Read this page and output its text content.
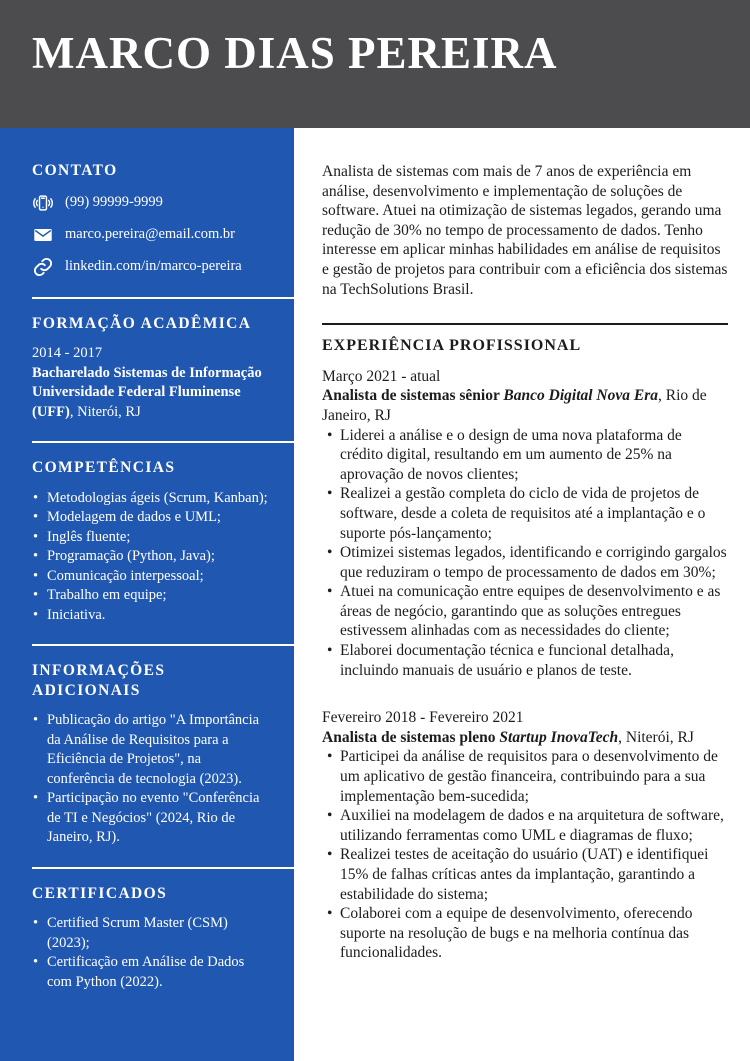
MARCO DIAS PEREIRA
CONTATO
(99) 99999-9999
marco.pereira@email.com.br
linkedin.com/in/marco-pereira
FORMAÇÃO ACADÊMICA

2014 - 2017

Bacharelado Sistemas de Informação

Universidade Federal Fluminense (UFF), Niterói, RJ

COMPETÊNCIAS
• Metodologias ágeis (Scrum, Kanban);
• Modelagem de dados e UML;
• Inglês fluente;
• Programação (Python, Java);
• Comunicação interpessoal;
• Trabalho em equipe;
• Iniciativa.
INFORMAÇÕES ADICIONAIS
• Publicação do artigo "A Importância da Análise de Requisitos para a Eficiência de Projetos", na conferência de tecnologia (2023).
• Participação no evento "Conferência de TI e Negócios" (2024, Rio de Janeiro, RJ).
CERTIFICADOS
• Certified Scrum Master (CSM) (2023);
• Certificação em Análise de Dados com Python (2022).

Analista de sistemas com mais de 7 anos de experiência em análise, desenvolvimento e implementação de soluções de software. Atuei na otimização de sistemas legados, gerando uma redução de 30% no tempo de processamento de dados. Tenho interesse em aplicar minhas habilidades em análise de requisitos e gestão de projetos para contribuir com a eficiência dos sistemas na TechSolutions Brasil.

EXPERIÊNCIA PROFISSIONAL

Março 2021 - atual

Analista de sistemas sênior Banco Digital Nova Era, Rio de Janeiro, RJ

• Liderei a análise e o design de uma nova plataforma de crédito digital, resultando em um aumento de 25% na aprovação de novos clientes;
• Realizei a gestão completa do ciclo de vida de projetos de software, desde a coleta de requisitos até a implantação e o suporte pós-lançamento;
• Otimizei sistemas legados, identificando e corrigindo gargalos que reduziram o tempo de processamento de dados em 30%;
• Atuei na comunicação entre equipes de desenvolvimento e as áreas de negócio, garantindo que as soluções entregues estivessem alinhadas com as necessidades do cliente;
• Elaborei documentação técnica e funcional detalhada, incluindo manuais de usuário e planos de teste.

Fevereiro 2018 - Fevereiro 2021

Analista de sistemas pleno Startup InovaTech, Niterói, RJ

• Participei da análise de requisitos para o desenvolvimento de um aplicativo de gestão financeira, contribuindo para a sua implementação bem-sucedida;
• Auxiliei na modelagem de dados e na arquitetura de software, utilizando ferramentas como UML e diagramas de fluxo;
• Realizei testes de aceitação do usuário (UAT) e identifiquei 15% de falhas críticas antes da implantação, garantindo a estabilidade do sistema;
• Colaborei com a equipe de desenvolvimento, oferecendo suporte na resolução de bugs e na melhoria contínua das funcionalidades.
